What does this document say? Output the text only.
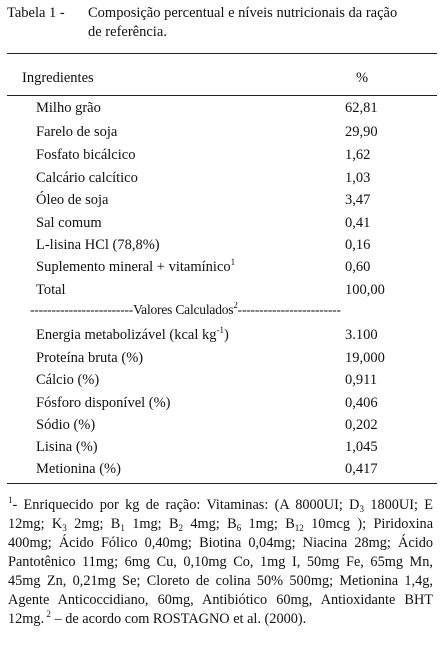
Tabela 1 - Composição percentual e níveis nutricionais da ração
de referência.
Ingredientes	%
Milho grão	62,81
Farelo de soja	29,90
Fosfato bicálcico	1,62
Calcário calcítico	1,03
Óleo de soja	3,47
Sal comum	0,41
L-lisina HCl (78,8%)	0,16
Suplemento mineral + vitamínico$^1$	0,60
Total	100,00
------------------------Valores Calculados$^2$------------------------
Energia metabolizável (kcal $kg^{-1}$)	3.100
Proteína bruta (%)	19,000
Cálcio (%)	0,911
Fósforo disponível (%)	0,406
Sódio (%)	0,202
Lisina (%)	1,045
Metionina (%)	0,417
$^1$- Enriquecido por kg de ração: Vitaminas: (A 8000UI; $D_3$ 1800UI; E 12mg; $K_3$ 2mg; $B_1$ 1mg; $B_2$ 4mg; $B_6$ 1mg; $B_{12}$ 10mcg ); Piridoxina 400mg; Ácido Fólico 0,40mg; Biotina 0,04mg; Niacina 28mg; Ácido Pantotênico 11mg; 6mg Cu, 0,10mg Co, 1mg I, 50mg Fe, 65mg Mn, 45mg Zn, 0,21mg Se; Cloreto de colina 50% 500mg; Metionina 1,4g, Agente Anticoccidiano, 60mg, Antibiótico 60mg, Antioxidante BHT 12mg. $^2$ – de acordo com ROSTAGNO et al. (2000).
